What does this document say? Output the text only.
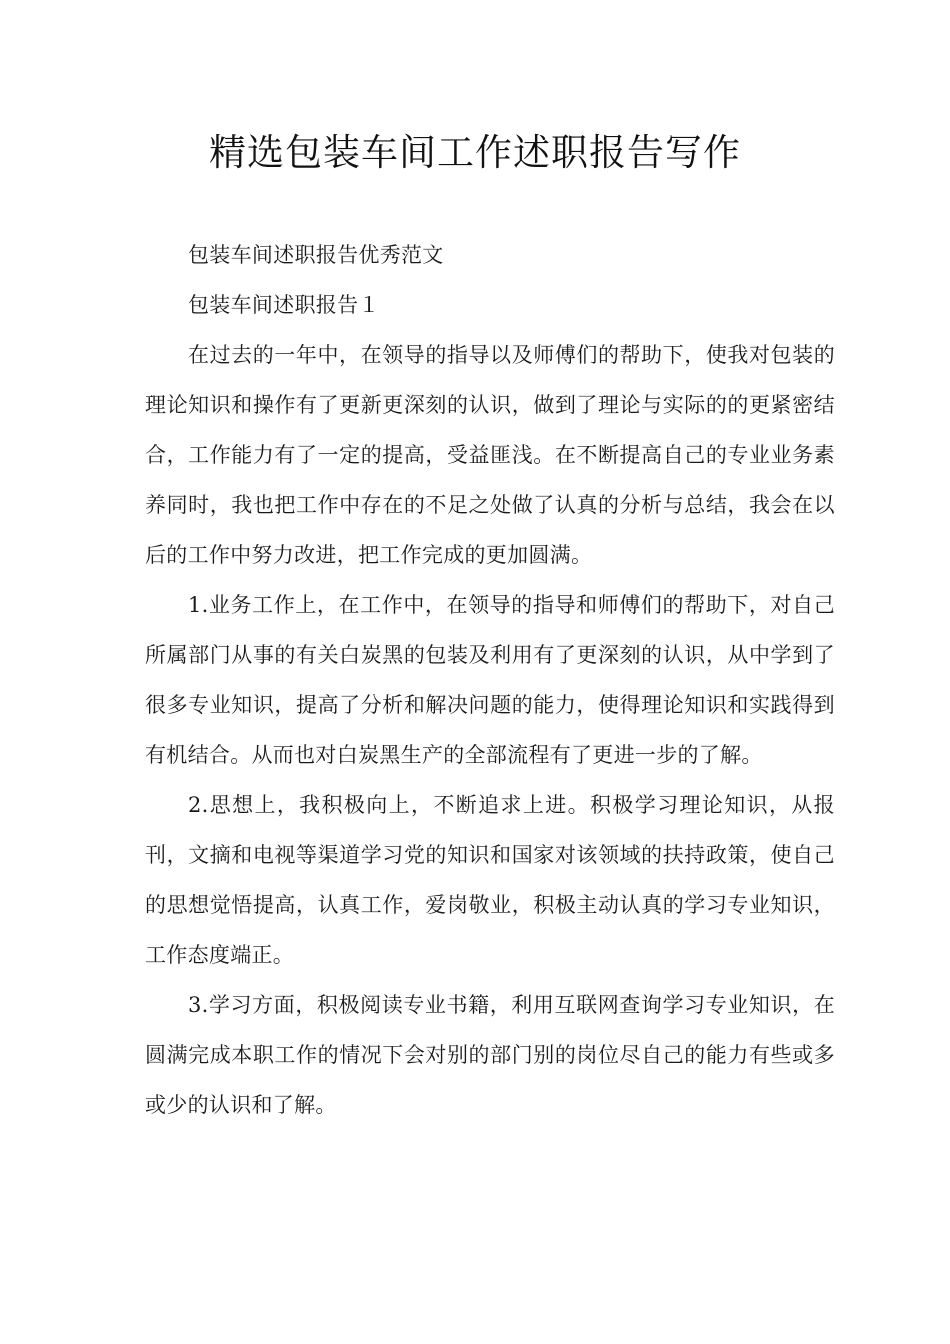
精选包装车间工作述职报告写作

包装车间述职报告优秀范文

包装车间述职报告１

在过去的一年中，在领导的指导以及师傅们的帮助下，使我对包装的理论知识和操作有了更新更深刻的认识，做到了理论与实际的的更紧密结合，工作能力有了一定的提高，受益匪浅。在不断提高自己的专业业务素养同时，我也把工作中存在的不足之处做了认真的分析与总结，我会在以后的工作中努力改进，把工作完成的更加圆满。

1.业务工作上，在工作中，在领导的指导和师傅们的帮助下，对自己所属部门从事的有关白炭黑的包装及利用有了更深刻的认识，从中学到了很多专业知识，提高了分析和解决问题的能力，使得理论知识和实践得到有机结合。从而也对白炭黑生产的全部流程有了更进一步的了解。

2.思想上，我积极向上，不断追求上进。积极学习理论知识，从报刊，文摘和电视等渠道学习党的知识和国家对该领域的扶持政策，使自己的思想觉悟提高，认真工作，爱岗敬业，积极主动认真的学习专业知识，工作态度端正。

3.学习方面，积极阅读专业书籍，利用互联网查询学习专业知识，在圆满完成本职工作的情况下会对别的部门别的岗位尽自己的能力有些或多或少的认识和了解。
